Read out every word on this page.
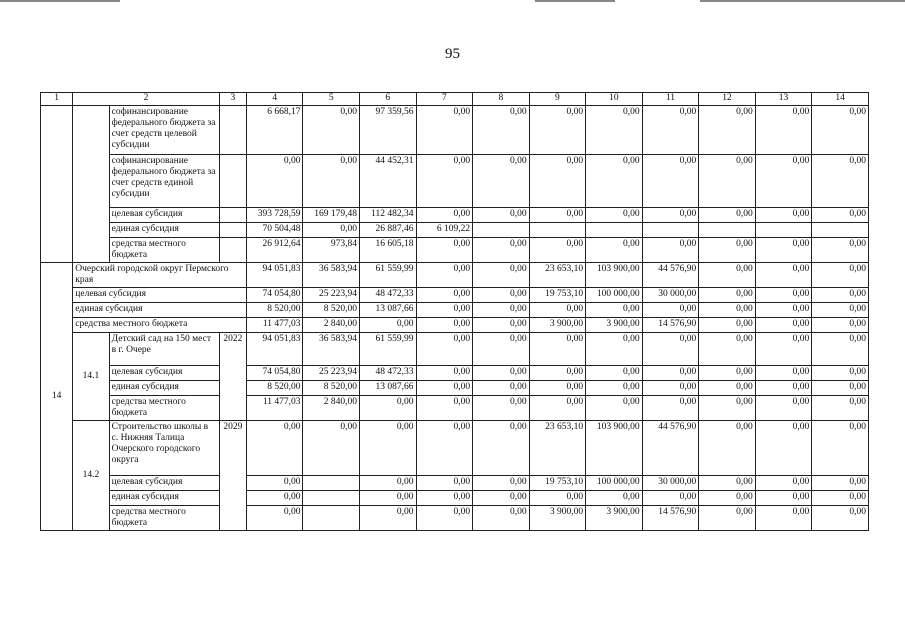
95
1	2		3	4	5	6	7	8	9	10	11	12	13	14
		софинансирование федерального бюджета за счет средств целевой субсидии		6 668,17	0,00	97 359,56	0,00	0,00	0,00	0,00	0,00	0,00	0,00	0,00
		софинансирование федерального бюджета за счет средств единой субсидии		0,00	0,00	44 452,31	0,00	0,00	0,00	0,00	0,00	0,00	0,00	0,00
		целевая субсидия		393 728,59	169 179,48	112 482,34	0,00	0,00	0,00	0,00	0,00	0,00	0,00	0,00
		единая субсидия		70 504,48	0,00	26 887,46	6 109,22							
		средства местного бюджета		26 912,64	973,84	16 605,18	0,00	0,00	0,00	0,00	0,00	0,00	0,00	0,00
14	Очерский городской округ Пермского края			94 051,83	36 583,94	61 559,99	0,00	0,00	23 653,10	103 900,00	44 576,90	0,00	0,00	0,00
	целевая субсидия			74 054,80	25 223,94	48 472,33	0,00	0,00	19 753,10	100 000,00	30 000,00	0,00	0,00	0,00
	единая субсидия			8 520,00	8 520,00	13 087,66	0,00	0,00	0,00	0,00	0,00	0,00	0,00	0,00
	средства местного бюджета			11 477,03	2 840,00	0,00	0,00	0,00	3 900,00	3 900,00	14 576,90	0,00	0,00	0,00
	14.1	Детский сад на 150 мест в г. Очере	2022	94 051,83	36 583,94	61 559,99	0,00	0,00	0,00	0,00	0,00	0,00	0,00	0,00
		целевая субсидия		74 054,80	25 223,94	48 472,33	0,00	0,00	0,00	0,00	0,00	0,00	0,00	0,00
		единая субсидия		8 520,00	8 520,00	13 087,66	0,00	0,00	0,00	0,00	0,00	0,00	0,00	0,00
		средства местного бюджета		11 477,03	2 840,00	0,00	0,00	0,00	0,00	0,00	0,00	0,00	0,00	0,00
	14.2	Строительство школы в с. Нижняя Талица Очерского городского округа	2029	0,00	0,00	0,00	0,00	0,00	23 653,10	103 900,00	44 576,90	0,00	0,00	0,00
		целевая субсидия		0,00		0,00	0,00	0,00	19 753,10	100 000,00	30 000,00	0,00	0,00	0,00
		единая субсидия		0,00		0,00	0,00	0,00	0,00	0,00	0,00	0,00	0,00	0,00
		средства местного бюджета		0,00		0,00	0,00	0,00	3 900,00	3 900,00	14 576,90	0,00	0,00	0,00
